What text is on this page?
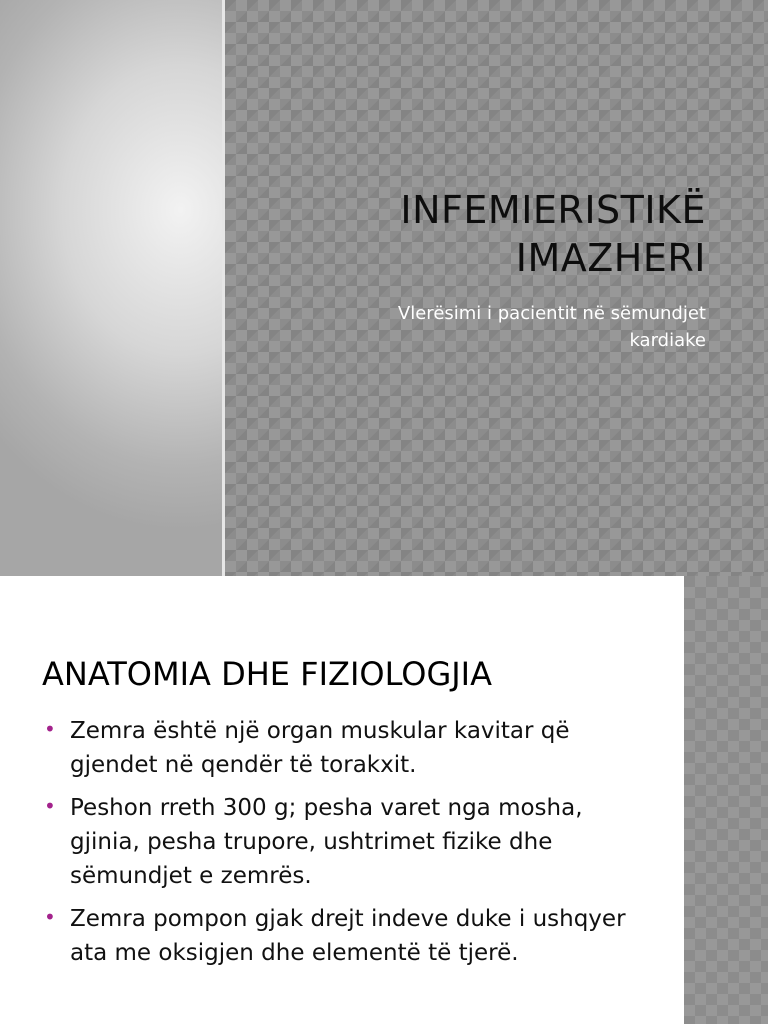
INFEMIERISTIKË
IMAZHERI
Vlerësimi i pacientit në sëmundjet
kardiake
ANATOMIA DHE FIZIOLOGJIA
• Zemra është një organ muskular kavitar që gjendet në qendër të torakxit.
• Peshon rreth 300 g; pesha varet nga mosha, gjinia, pesha trupore, ushtrimet fizike dhe sëmundjet e zemrës.
• Zemra pompon gjak drejt indeve duke i ushqyer ata me oksigjen dhe elementë të tjerë.
